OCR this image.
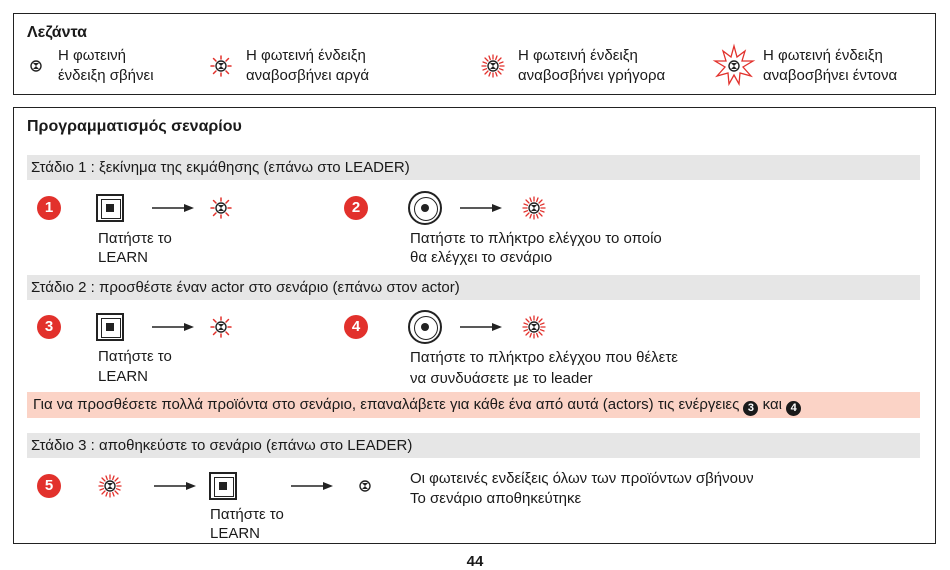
Λεζάντα
Η φωτεινή
ένδειξη σβήνει
Η φωτεινή ένδειξη
αναβοσβήνει αργά
Η φωτεινή ένδειξη
αναβοσβήνει γρήγορα
Η φωτεινή ένδειξη
αναβοσβήνει έντονα
Προγραμματισμός σεναρίου
Στάδιο 1 : ξεκίνημα της εκμάθησης (επάνω στο LEADER)
1
Πατήστε το
LEARN
2
Πατήστε το πλήκτρο ελέγχου το οποίο
θα ελέγχει το σενάριο
Στάδιο 2 : προσθέστε έναν actor στο σενάριο (επάνω στον actor)
3
Πατήστε το
LEARN
4
Πατήστε το πλήκτρο ελέγχου που θέλετε
να συνδυάσετε με το leader
Για να προσθέσετε πολλά προϊόντα στο σενάριο, επαναλάβετε για κάθε ένα από αυτά (actors) τις ενέργειες 3 και 4
Στάδιο 3 : αποθηκεύστε το σενάριο (επάνω στο LEADER)
5
Πατήστε το
LEARN
Οι φωτεινές ενδείξεις όλων των προϊόντων σβήνουν
Το σενάριο αποθηκεύτηκε
44
